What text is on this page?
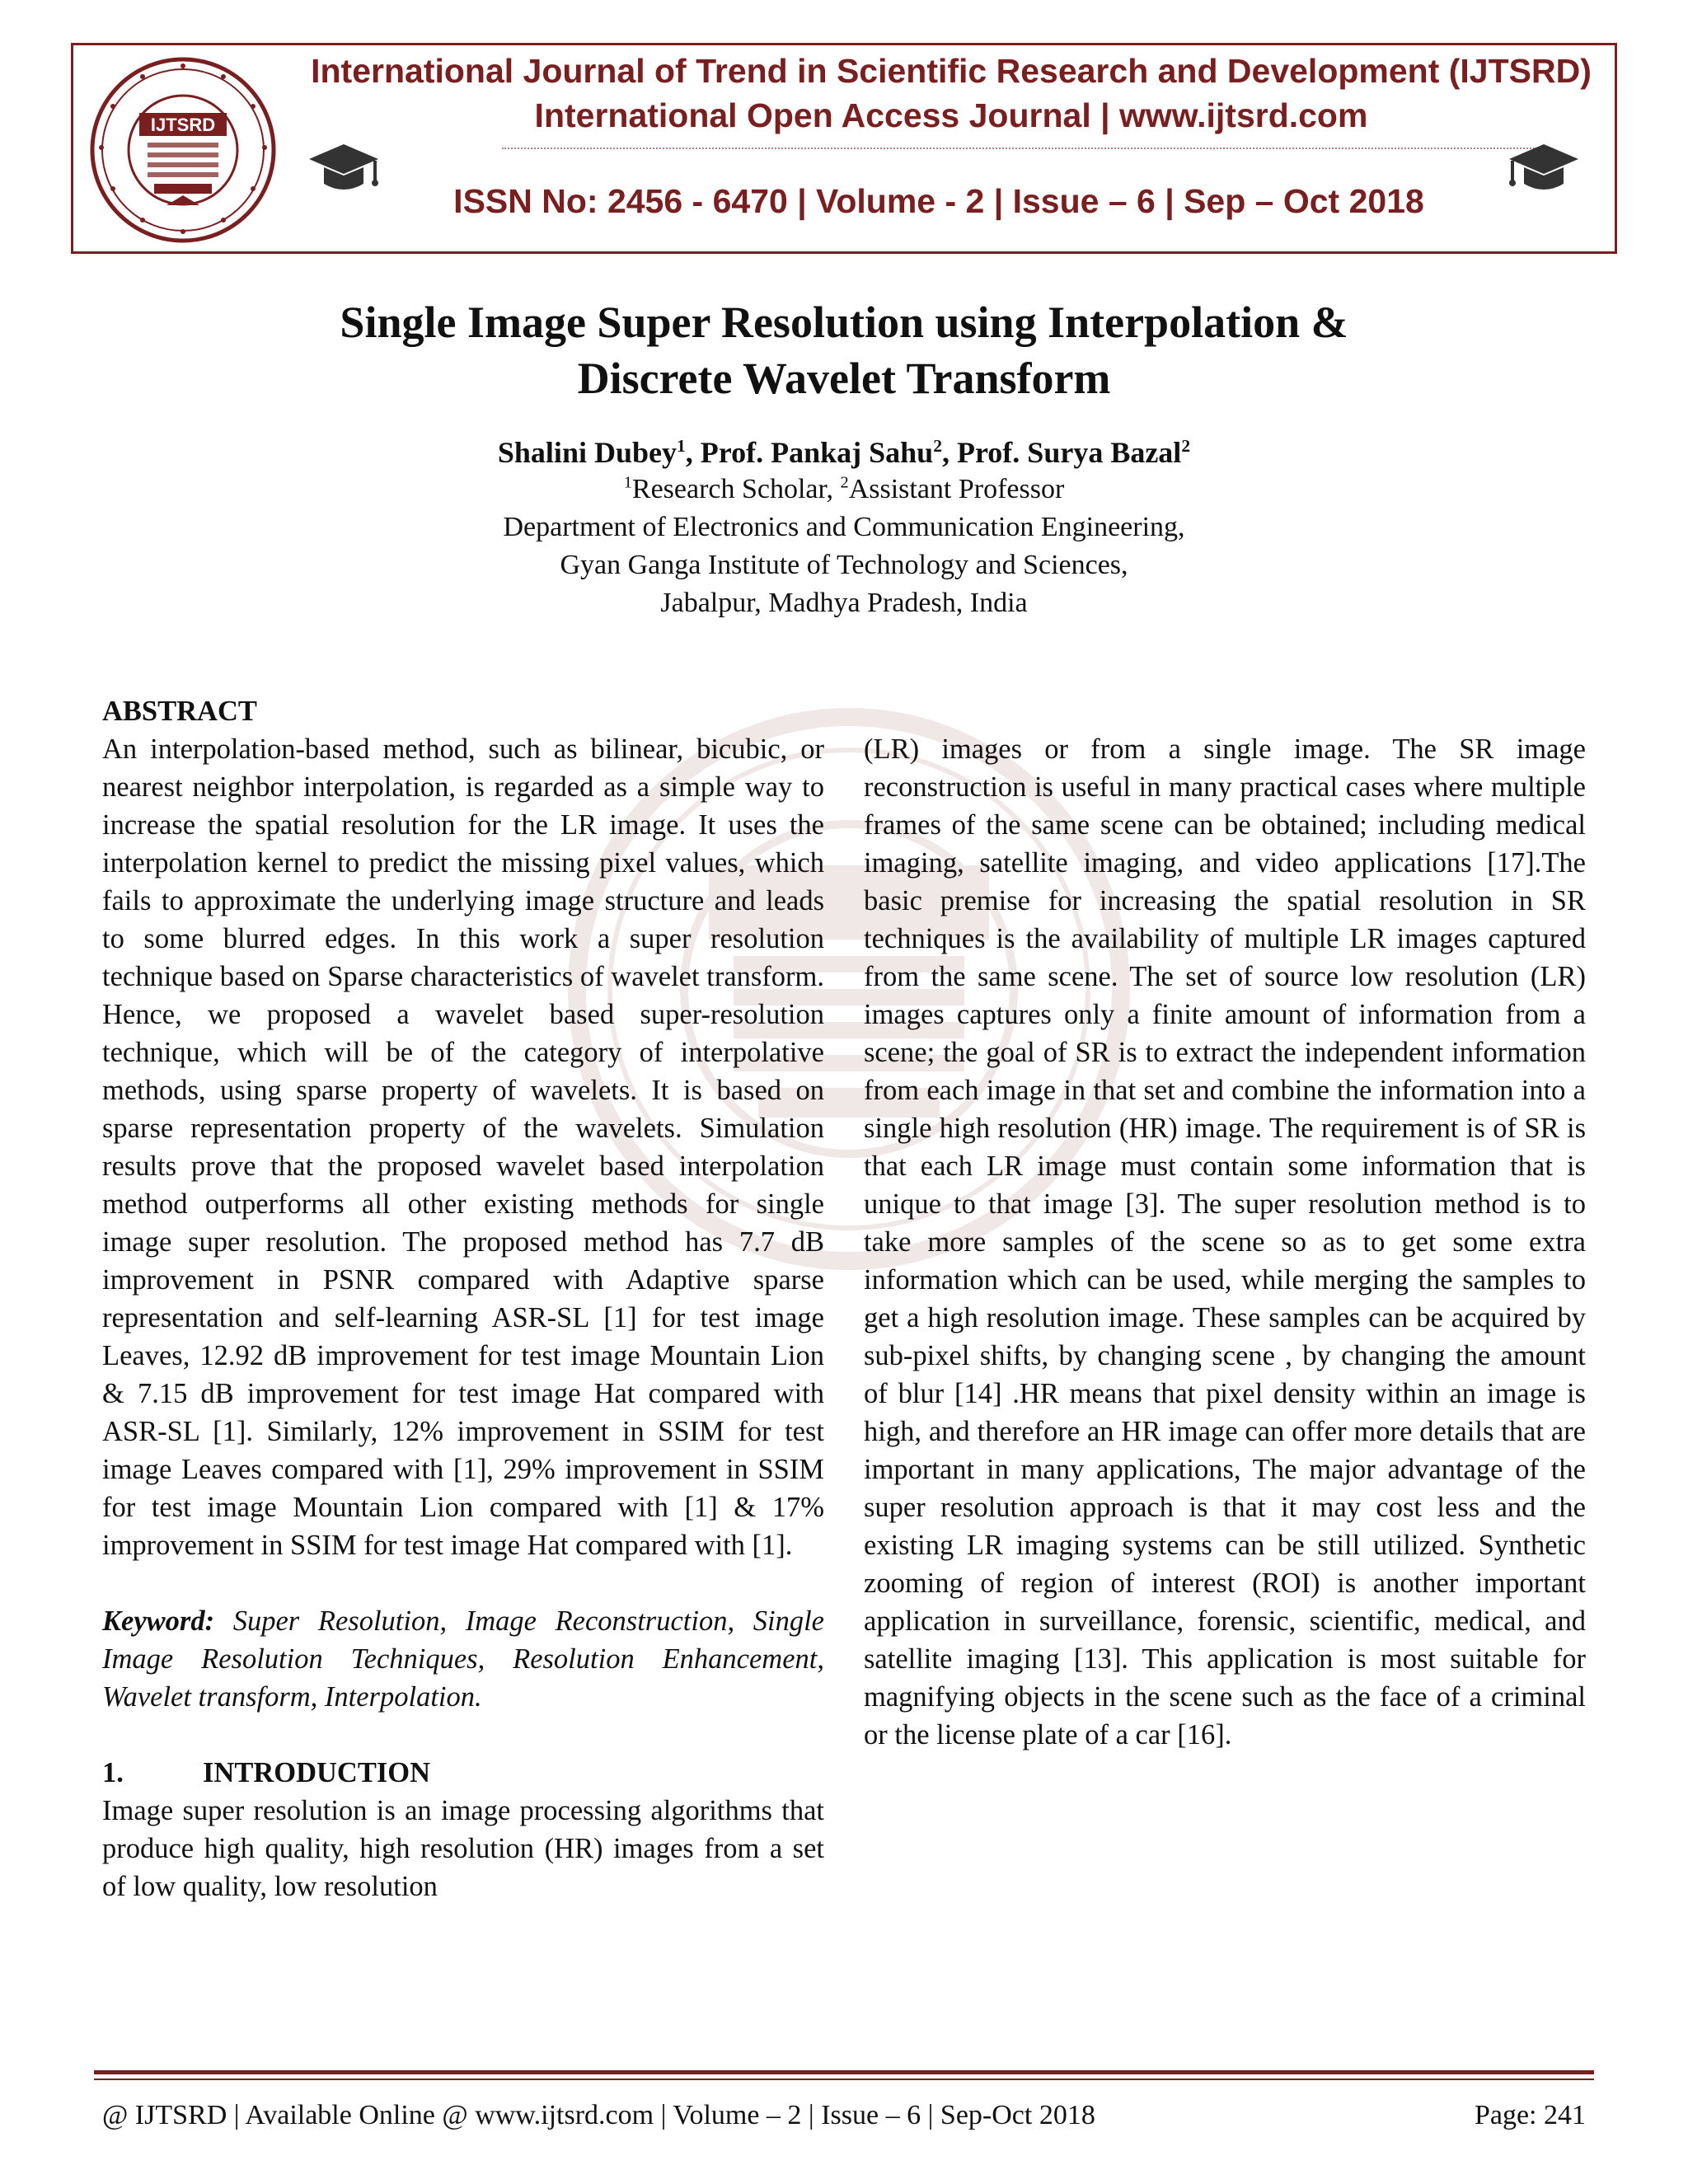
IJTSRD
International Journal of Trend in Scientific Research and Development (IJTSRD)
International Open Access Journal | www.ijtsrd.com
ISSN No: 2456 - 6470 | Volume - 2 | Issue – 6 | Sep – Oct 2018
Single Image Super Resolution using Interpolation &
Discrete Wavelet Transform
Shalini Dubey$^1$, Prof. Pankaj Sahu$^2$, Prof. Surya Bazal$^2$
$^1$Research Scholar, $^2$Assistant Professor
Department of Electronics and Communication Engineering,
Gyan Ganga Institute of Technology and Sciences,
Jabalpur, Madhya Pradesh, India
ABSTRACT

An interpolation-based method, such as bilinear, bicubic, or nearest neighbor interpolation, is regarded as a simple way to increase the spatial resolution for the LR image. It uses the interpolation kernel to predict the missing pixel values, which fails to approximate the underlying image structure and leads to some blurred edges. In this work a super resolution technique based on Sparse characteristics of wavelet transform. Hence, we proposed a wavelet based super-resolution technique, which will be of the category of interpolative methods, using sparse property of wavelets. It is based on sparse representation property of the wavelets. Simulation results prove that the proposed wavelet based interpolation method outperforms all other existing methods for single image super resolution. The proposed method has 7.7 dB improvement in PSNR compared with Adaptive sparse representation and self-learning ASR-SL [1] for test image Leaves, 12.92 dB improvement for test image Mountain Lion & 7.15 dB improvement for test image Hat compared with ASR-SL [1]. Similarly, 12% improvement in SSIM for test image Leaves compared with [1], 29% improvement in SSIM for test image Mountain Lion compared with [1] & 17% improvement in SSIM for test image Hat compared with [1].

Keyword: Super Resolution, Image Reconstruction, Single Image Resolution Techniques, Resolution Enhancement, Wavelet transform, Interpolation.

1.	INTRODUCTION

Image super resolution is an image processing algorithms that produce high quality, high resolution (HR) images from a set of low quality, low resolution

(LR) images or from a single image. The SR image reconstruction is useful in many practical cases where multiple frames of the same scene can be obtained; including medical imaging, satellite imaging, and video applications [17].The basic premise for increasing the spatial resolution in SR techniques is the availability of multiple LR images captured from the same scene. The set of source low resolution (LR) images captures only a finite amount of information from a scene; the goal of SR is to extract the independent information from each image in that set and combine the information into a single high resolution (HR) image. The requirement is of SR is that each LR image must contain some information that is unique to that image [3]. The super resolution method is to take more samples of the scene so as to get some extra information which can be used, while merging the samples to get a high resolution image. These samples can be acquired by sub-pixel shifts, by changing scene , by changing the amount of blur [14] .HR means that pixel density within an image is high, and therefore an HR image can offer more details that are important in many applications, The major advantage of the super resolution approach is that it may cost less and the existing LR imaging systems can be still utilized. Synthetic zooming of region of interest (ROI) is another important application in surveillance, forensic, scientific, medical, and satellite imaging [13]. This application is most suitable for magnifying objects in the scene such as the face of a criminal or the license plate of a car [16].

@ IJTSRD | Available Online @ www.ijtsrd.com | Volume – 2 | Issue – 6 | Sep-Oct 2018	Page: 241
